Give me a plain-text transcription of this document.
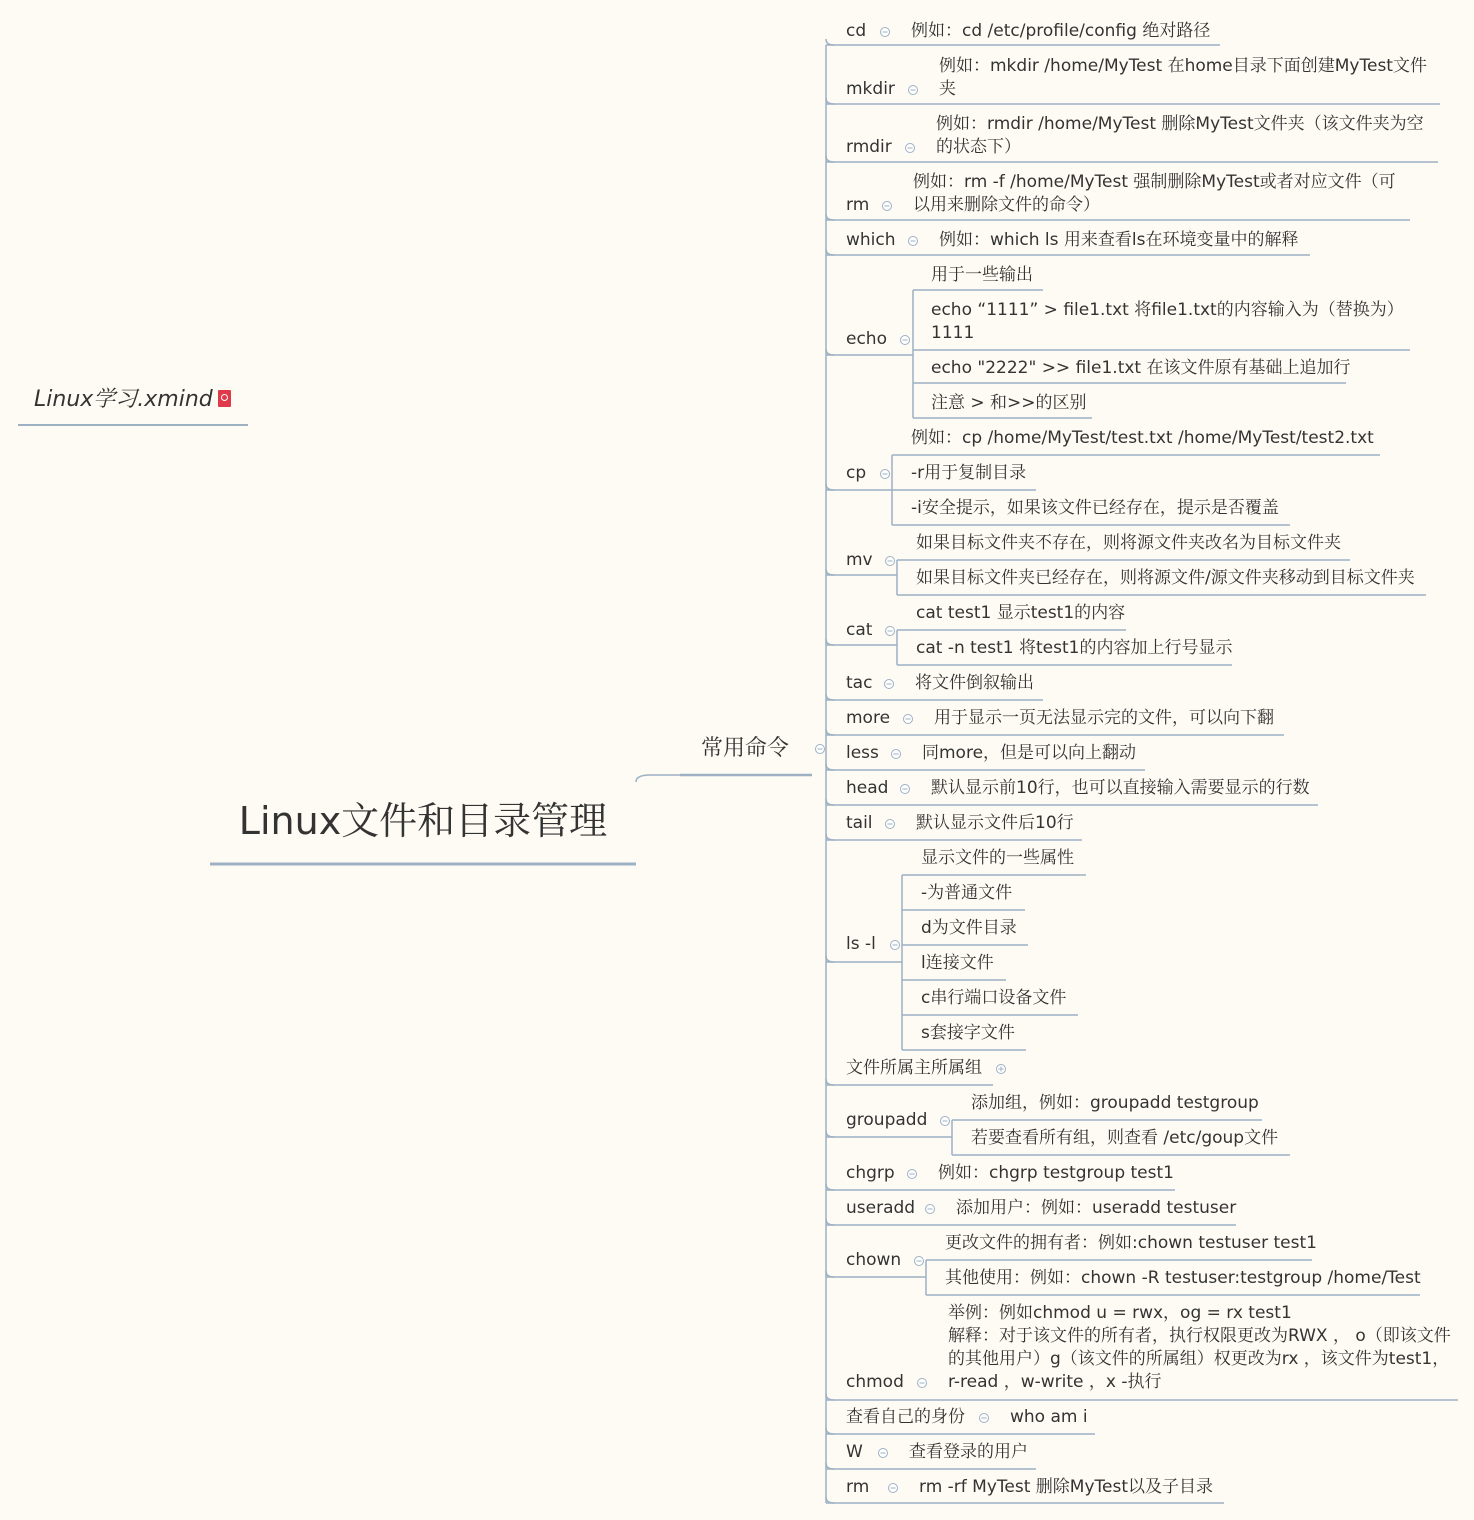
Linux学习.xmind
Linux文件和目录管理
常用命令
cd	例如：cd /etc/profile/config 绝对路径
mkdir
例如：mkdir /home/MyTest 在home目录下面创建MyTest文件夹
rmdir
例如：rmdir /home/MyTest 删除MyTest文件夹（该文件夹为空的状态下）
rm
例如：rm -f /home/MyTest 强制删除MyTest或者对应文件（可以用来删除文件的命令）
which	例如：which ls 用来查看ls在环境变量中的解释
echo
用于一些输出
echo “1111” > file1.txt 将file1.txt的内容输入为（替换为）1111
echo "2222" >> file1.txt 在该文件原有基础上追加行
注意 > 和>>的区别
cp
例如：cp /home/MyTest/test.txt /home/MyTest/test2.txt
-r用于复制目录
-i安全提示，如果该文件已经存在，提示是否覆盖
mv
如果目标文件夹不存在，则将源文件夹改名为目标文件夹
如果目标文件夹已经存在，则将源文件/源文件夹移动到目标文件夹
cat
cat test1 显示test1的内容
cat -n test1 将test1的内容加上行号显示
tac	将文件倒叙输出
more	用于显示一页无法显示完的文件，可以向下翻
less	同more，但是可以向上翻动
head	默认显示前10行，也可以直接输入需要显示的行数
tail	默认显示文件后10行
ls -l
显示文件的一些属性
-为普通文件
d为文件目录
l连接文件
c串行端口设备文件
s套接字文件
文件所属主所属组
groupadd
添加组，例如：groupadd testgroup
若要查看所有组，则查看 /etc/goup文件
chgrp	例如：chgrp testgroup test1
useradd 添加用户：例如：useradd testuser
chown
更改文件的拥有者：例如:chown testuser test1
其他使用：例如：chown -R testuser:testgroup /home/Test
chmod
举例：例如chmod u = rwx，og = rx test1
解释：对于该文件的所有者，执行权限更改为RWX ， o（即该文件的其他用户）g（该文件的所属组）权更改为rx ，该文件为test1，r-read ，w-write ，x -执行
查看自己的身份	who am i
W	查看登录的用户
rm	rm -rf MyTest 删除MyTest以及子目录
